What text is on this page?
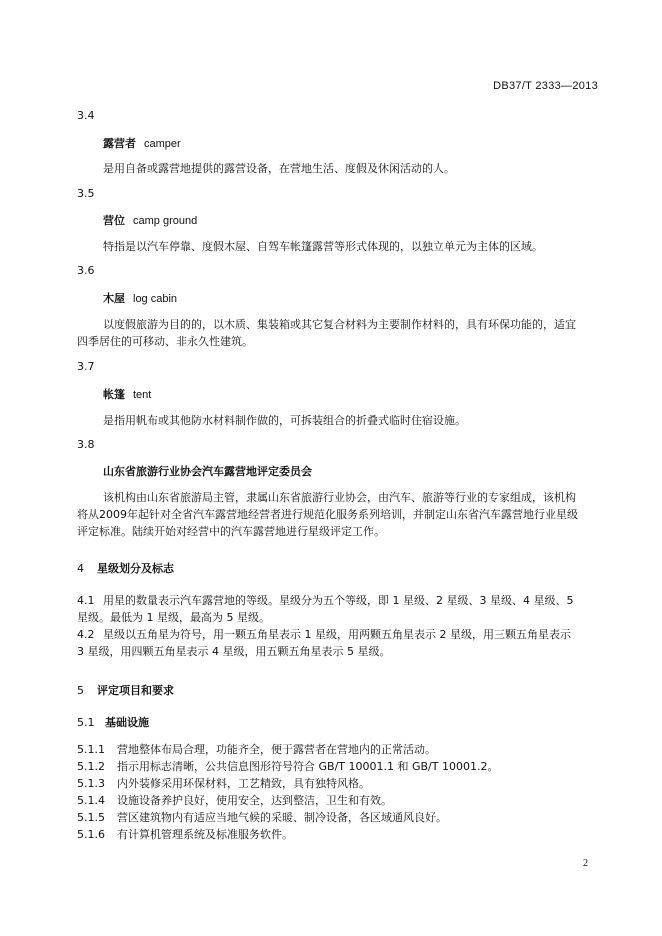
DB37/T 2333—2013
3.4
露营者 camper
是用自备或露营地提供的露营设备，在营地生活、度假及休闲活动的人。
3.5
营位 camp ground
特指是以汽车停靠、度假木屋、自驾车帐篷露营等形式体现的，以独立单元为主体的区域。
3.6
木屋 log cabin
以度假旅游为目的的，以木质、集装箱或其它复合材料为主要制作材料的，具有环保功能的，适宜
四季居住的可移动、非永久性建筑。
3.7
帐篷 tent
是指用帆布或其他防水材料制作做的，可拆装组合的折叠式临时住宿设施。
3.8
山东省旅游行业协会汽车露营地评定委员会
该机构由山东省旅游局主管，隶属山东省旅游行业协会，由汽车、旅游等行业的专家组成，该机构
将从2009年起针对全省汽车露营地经营者进行规范化服务系列培训，并制定山东省汽车露营地行业星级
评定标准。陆续开始对经营中的汽车露营地进行星级评定工作。
4 星级划分及标志
4.1 用星的数量表示汽车露营地的等级。星级分为五个等级，即 1 星级、2 星级、3 星级、4 星级、5
星级。最低为 1 星级，最高为 5 星级。
4.2 星级以五角星为符号，用一颗五角星表示 1 星级，用两颗五角星表示 2 星级，用三颗五角星表示
3 星级，用四颗五角星表示 4 星级，用五颗五角星表示 5 星级。
5 评定项目和要求
5.1 基础设施
5.1.1 营地整体布局合理，功能齐全，便于露营者在营地内的正常活动。
5.1.2 指示用标志清晰，公共信息图形符号符合 GB/T 10001.1 和 GB/T 10001.2。
5.1.3 内外装修采用环保材料，工艺精致，具有独特风格。
5.1.4 设施设备养护良好，使用安全，达到整洁，卫生和有效。
5.1.5 营区建筑物内有适应当地气候的采暖、制冷设备，各区域通风良好。
5.1.6 有计算机管理系统及标准服务软件。
2
